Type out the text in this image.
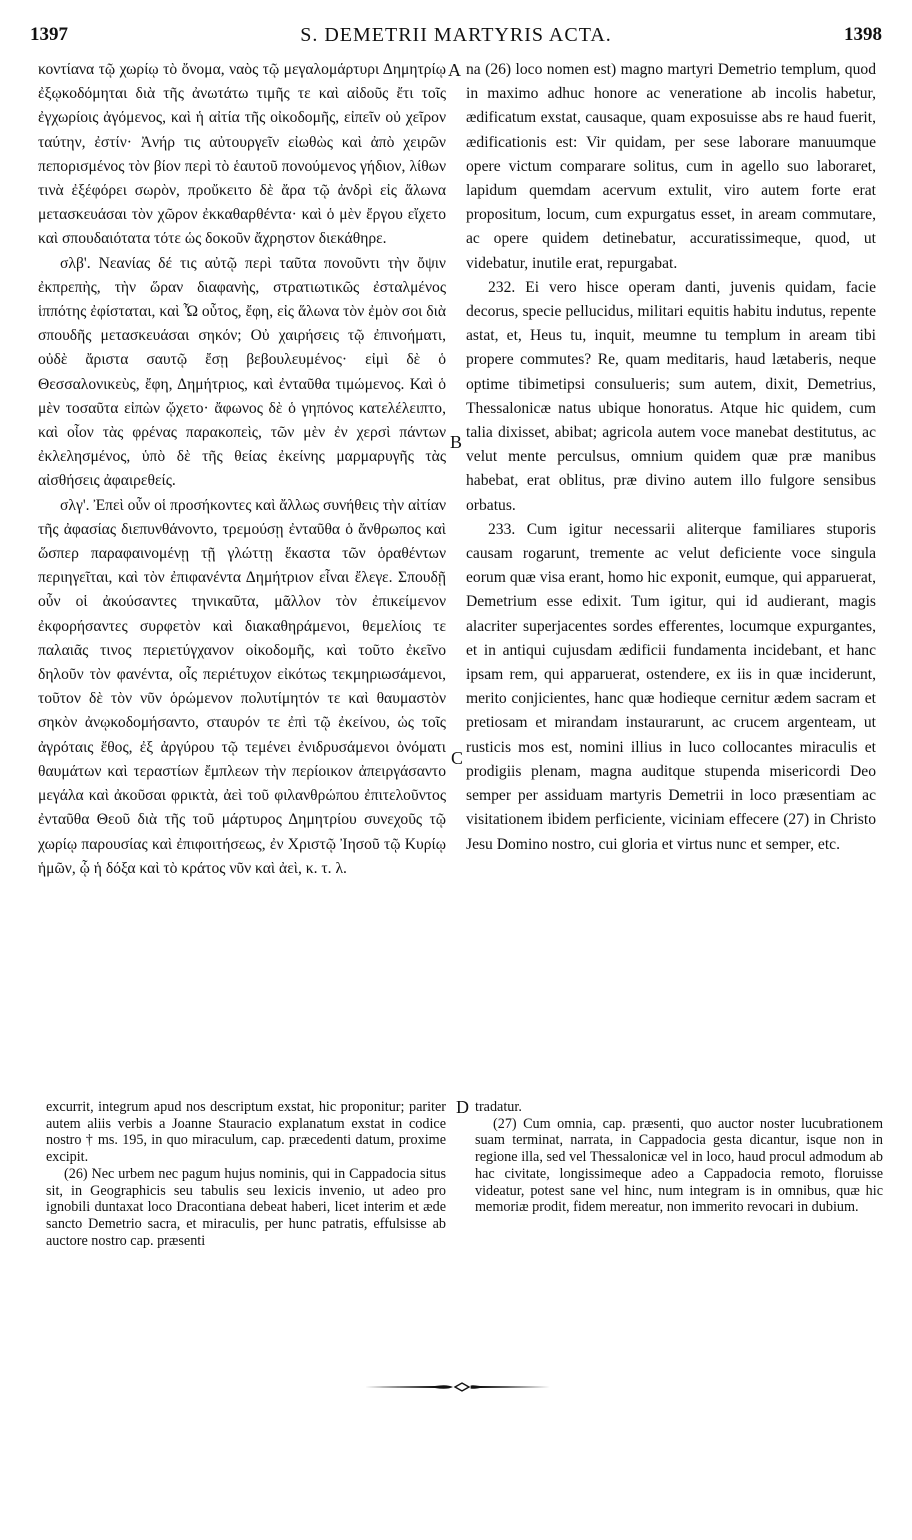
1397	S. DEMETRII MARTYRIS ACTA.	1398

κοντίανα τῷ χωρίῳ τὸ ὄνομα, ναὸς τῷ μεγαλομάρτυρι Δημητρίῳ ἐξῳκοδόμηται διὰ τῆς ἀνωτάτω τιμῆς τε καὶ αἰδοῦς ἔτι τοῖς ἐγχωρίοις ἀγόμενος, καὶ ἡ αἰτία τῆς οἰκοδομῆς, εἰπεῖν οὐ χεῖρον ταύτην, ἐστίν· Ἀνήρ τις αὐτουργεῖν εἰωθὼς καὶ ἀπὸ χειρῶν πεπορισμένος τὸν βίον περὶ τὸ ἑαυτοῦ πονούμενος γήδιον, λίθων τινὰ ἐξέφόρει σωρὸν, προὔκειτο δὲ ἄρα τῷ ἀνδρὶ εἰς ἅλωνα μετασκευάσαι τὸν χῶρον ἐκκαθαρθέντα· καὶ ὁ μὲν ἔργου εἴχετο καὶ σπουδαιότατα τότε ὡς δοκοῦν ἄχρηστον διεκάθηρε.

σλβ'. Νεανίας δέ τις αὐτῷ περὶ ταῦτα πονοῦντι τὴν ὄψιν ἐκπρεπὴς, τὴν ὥραν διαφανὴς, στρατιωτικῶς ἐσταλμένος ἱππότης ἐφίσταται, καὶ Ὦ οὗτος, ἔφη, εἰς ἅλωνα τὸν ἐμὸν σοι διὰ σπουδῆς μετασκευάσαι σηκόν; Οὐ χαιρήσεις τῷ ἐπινοήματι, οὐδὲ ἄριστα σαυτῷ ἔσῃ βεβουλευμένος· εἰμὶ δὲ ὁ Θεσσαλονικεὺς, ἔφη, Δημήτριος, καὶ ἐνταῦθα τιμώμενος. Καὶ ὁ μὲν τοσαῦτα εἰπὼν ᾤχετο· ἄφωνος δὲ ὁ γηπόνος κατελέλειπτο, καὶ οἷον τὰς φρένας παρακοπεὶς, τῶν μὲν ἐν χερσὶ πάντων ἐκλελησμένος, ὑπὸ δὲ τῆς θείας ἐκείνης μαρμαρυγῆς τὰς αἰσθήσεις ἀφαιρεθείς.

σλγ'. Ἐπεὶ οὖν οἱ προσήκοντες καὶ ἄλλως συνήθεις τὴν αἰτίαν τῆς ἀφασίας διεπυνθάνοντο, τρεμούσῃ ἐνταῦθα ὁ ἄνθρωπος καὶ ὥσπερ παραφαινομένῃ τῇ γλώττῃ ἕκαστα τῶν ὁραθέντων περιηγεῖται, καὶ τὸν ἐπιφανέντα Δημήτριον εἶναι ἔλεγε. Σπουδῇ οὖν οἱ ἀκούσαντες τηνικαῦτα, μᾶλλον τὸν ἐπικείμενον ἐκφορήσαντες συρφετὸν καὶ διακαθηράμενοι, θεμελίοις τε παλαιᾶς τινος περιετύγχανον οἰκοδομῆς, καὶ τοῦτο ἐκεῖνο δηλοῦν τὸν φανέντα, οἷς περιέτυχον εἰκότως τεκμηριωσάμενοι, τοῦτον δὲ τὸν νῦν ὁρώμενον πολυτίμητόν τε καὶ θαυμαστὸν σηκὸν ἀνῳκοδομήσαντο, σταυρόν τε ἐπὶ τῷ ἐκείνου, ὡς τοῖς ἀγρόταις ἔθος, ἐξ ἀργύρου τῷ τεμένει ἐνιδρυσάμενοι ὀνόματι θαυμάτων καὶ τεραστίων ἔμπλεων τὴν περίοικον ἀπειργάσαντο μεγάλα καὶ ἀκοῦσαι φρικτὰ, ἀεὶ τοῦ φιλανθρώπου ἐπιτελοῦντος ἐνταῦθα Θεοῦ διὰ τῆς τοῦ μάρτυρος Δημητρίου συνεχοῦς τῷ χωρίῳ παρουσίας καὶ ἐπιφοιτήσεως, ἐν Χριστῷ Ἰησοῦ τῷ Κυρίῳ ἡμῶν, ᾧ ἡ δόξα καὶ τὸ κράτος νῦν καὶ ἀεὶ, κ. τ. λ.

A
B
C
D

na (26) loco nomen est) magno martyri Demetrio templum, quod in maximo adhuc honore ac veneratione ab incolis habetur, ædificatum exstat, causaque, quam exposuisse abs re haud fuerit, ædificationis est: Vir quidam, per sese laborare manuumque opere victum comparare solitus, cum in agello suo laboraret, lapidum quemdam acervum extulit, viro autem forte erat propositum, locum, cum expurgatus esset, in aream commutare, ac opere quidem detinebatur, accuratissimeque, quod, ut videbatur, inutile erat, repurgabat.

232. Ei vero hisce operam danti, juvenis quidam, facie decorus, specie pellucidus, militari equitis habitu indutus, repente astat, et, Heus tu, inquit, meumne tu templum in aream tibi propere commutes? Re, quam meditaris, haud lætaberis, neque optime tibimetipsi consulueris; sum autem, dixit, Demetrius, Thessalonicæ natus ubique honoratus. Atque hic quidem, cum talia dixisset, abibat; agricola autem voce manebat destitutus, ac velut mente perculsus, omnium quidem quæ præ manibus habebat, erat oblitus, præ divino autem illo fulgore sensibus orbatus.

233. Cum igitur necessarii aliterque familiares stuporis causam rogarunt, tremente ac velut deficiente voce singula eorum quæ visa erant, homo hic exponit, eumque, qui apparuerat, Demetrium esse edixit. Tum igitur, qui id audierant, magis alacriter superjacentes sordes efferentes, locumque expurgantes, et in antiqui cujusdam ædificii fundamenta incidebant, et hanc ipsam rem, qui apparuerat, ostendere, ex iis in quæ inciderunt, merito conjicientes, hanc quæ hodieque cernitur ædem sacram et pretiosam et mirandam instaurarunt, ac crucem argenteam, ut rusticis mos est, nomini illius in luco collocantes miraculis et prodigiis plenam, magna auditque stupenda misericordi Deo semper per assiduam martyris Demetrii in loco præsentiam ac visitationem ibidem perficiente, viciniam effecere (27) in Christo Jesu Domino nostro, cui gloria et virtus nunc et semper, etc.

excurrit, integrum apud nos descriptum exstat, hic proponitur; pariter autem aliis verbis a Joanne Stauracio explanatum exstat in codice nostro † ms. 195, in quo miraculum, cap. præcedenti datum, proxime excipit.

(26) Nec urbem nec pagum hujus nominis, qui in Cappadocia situs sit, in Geographicis seu tabulis seu lexicis invenio, ut adeo pro ignobili duntaxat loco Dracontiana debeat haberi, licet interim et æde sancto Demetrio sacra, et miraculis, per hunc patratis, effulsisse ab auctore nostro cap. præsenti

tradatur.

(27) Cum omnia, cap. præsenti, quo auctor noster lucubrationem suam terminat, narrata, in Cappadocia gesta dicantur, isque non in regione illa, sed vel Thessalonicæ vel in loco, haud procul admodum ab hac civitate, longissimeque adeo a Cappadocia remoto, floruisse videatur, potest sane vel hinc, num integram is in omnibus, quæ hic memoriæ prodit, fidem mereatur, non immerito revocari in dubium.
